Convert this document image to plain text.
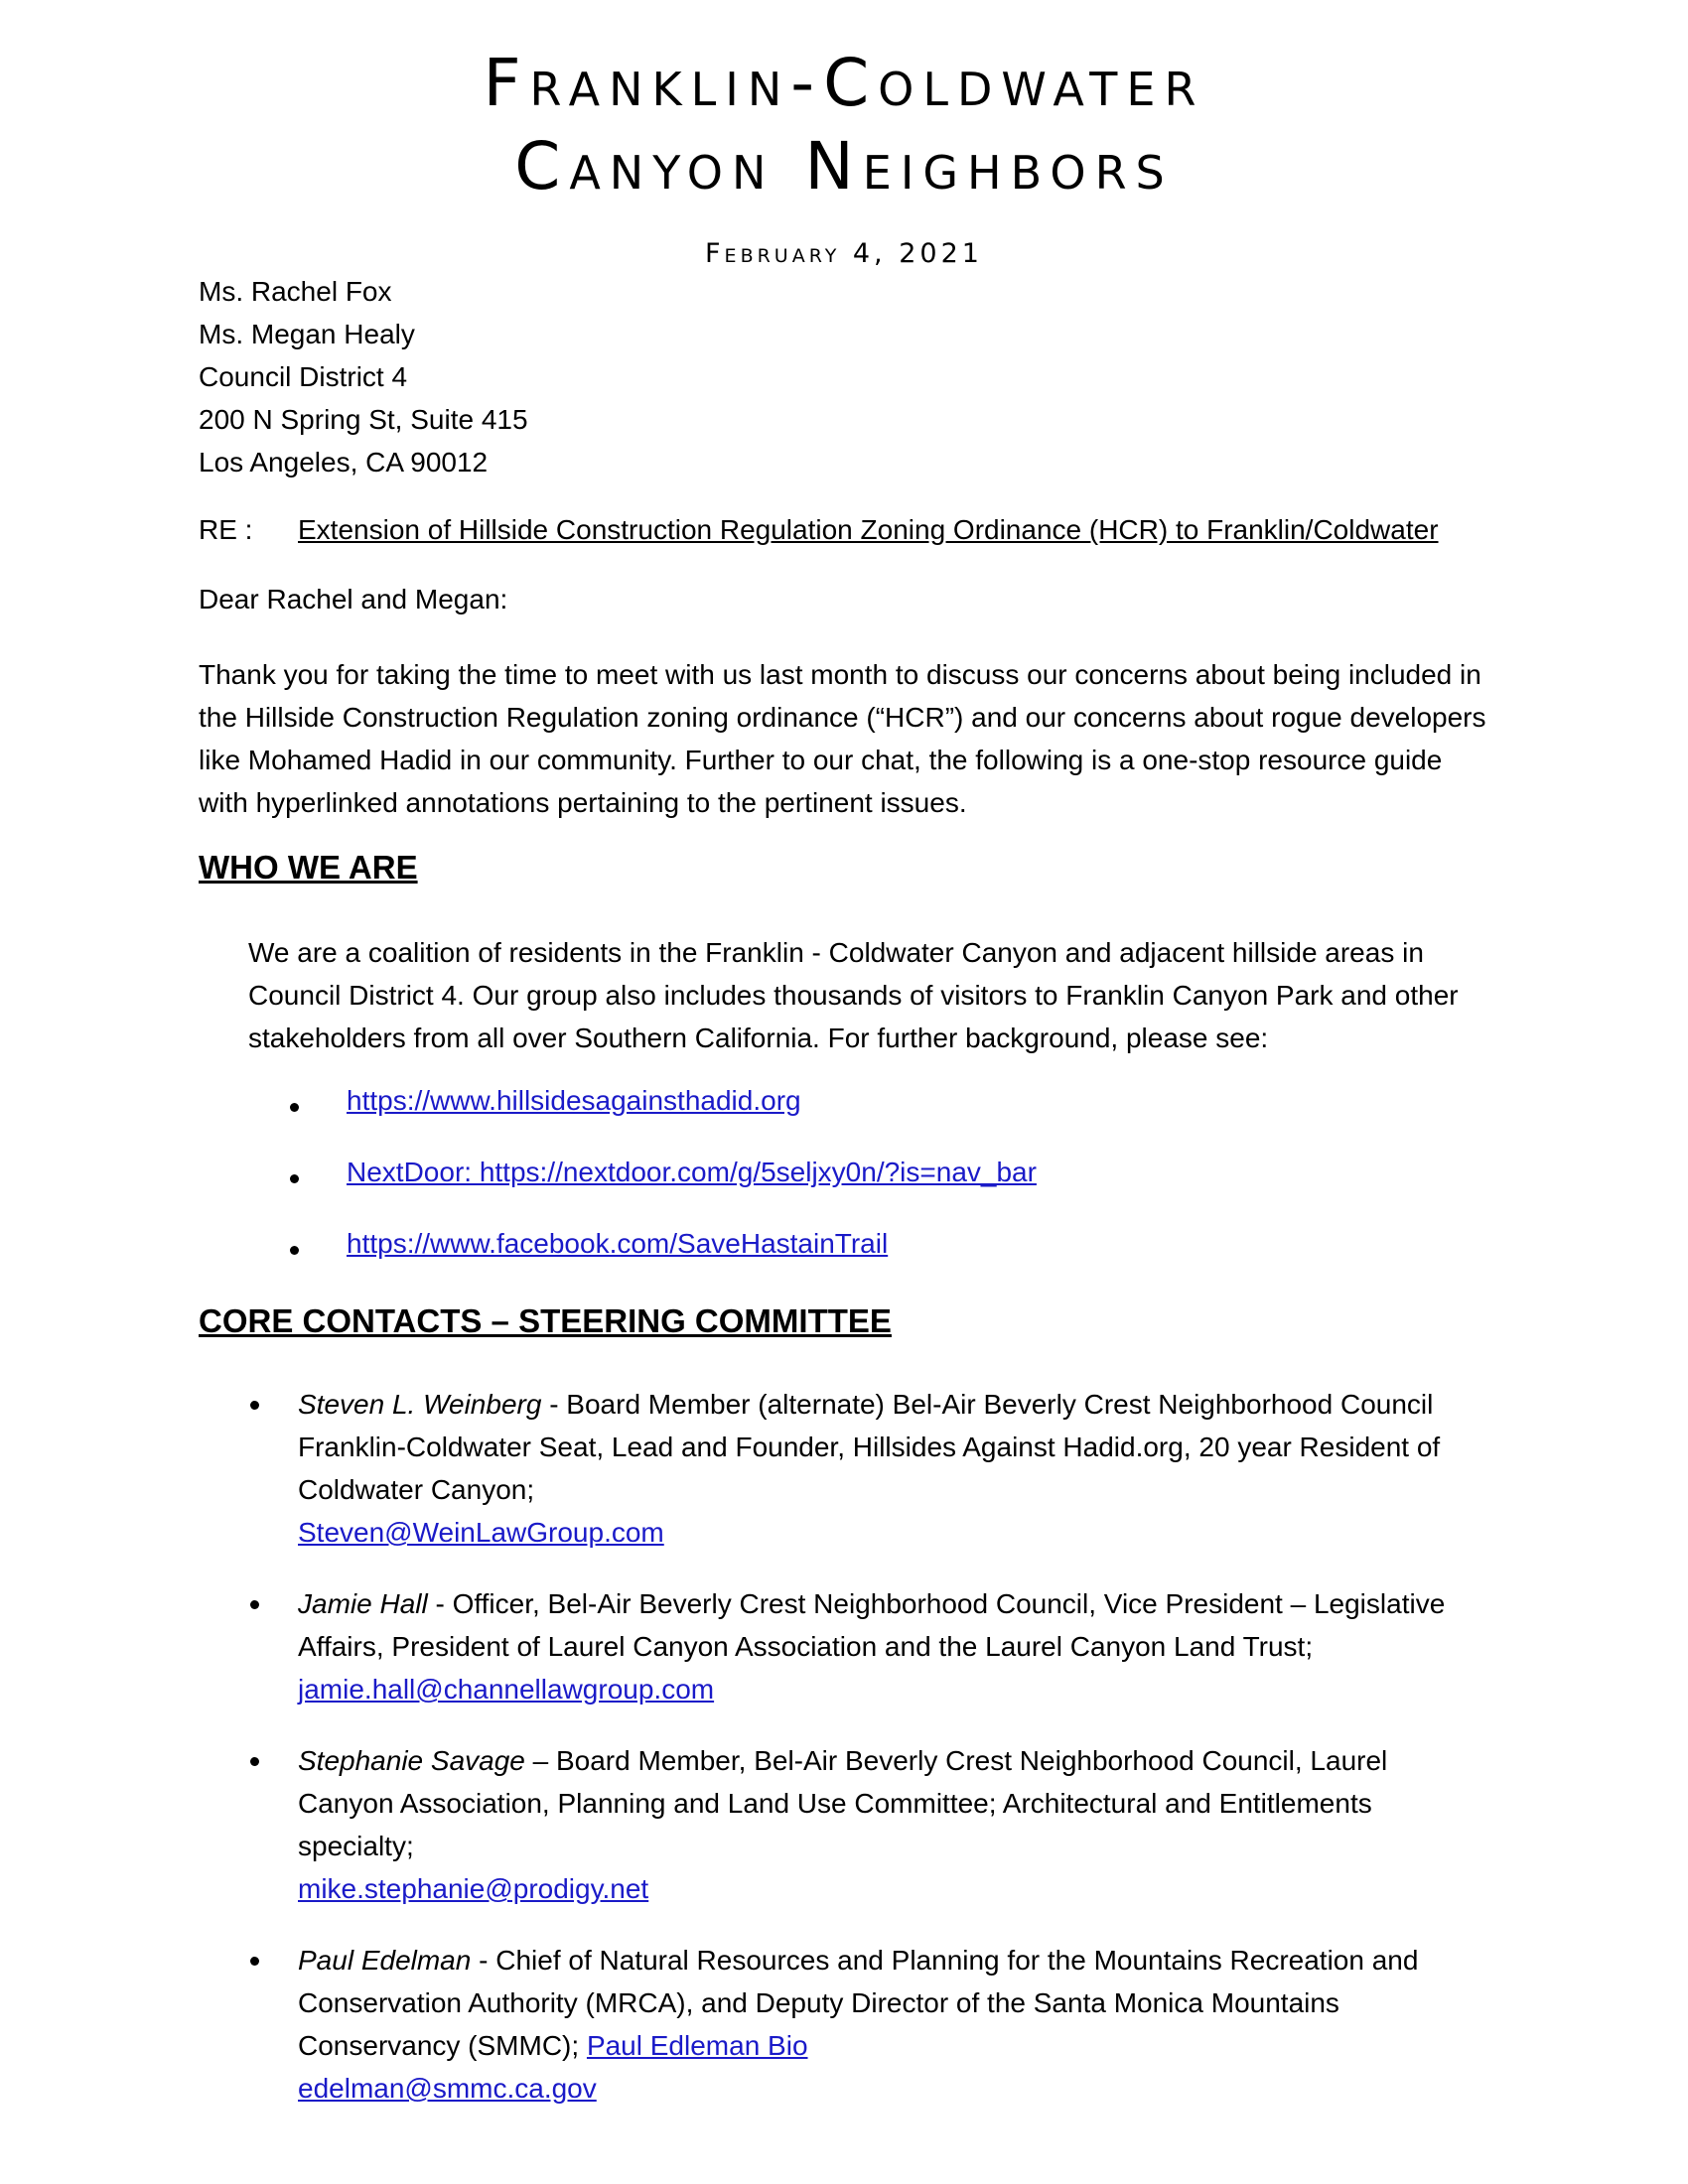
Franklin-Coldwater
Canyon Neighbors
February 4, 2021
Ms. Rachel Fox
Ms. Megan Healy
Council District 4
200 N Spring St, Suite 415
Los Angeles, CA 90012
RE : Extension of Hillside Construction Regulation Zoning Ordinance (HCR) to Franklin/Coldwater
Dear Rachel and Megan:
Thank you for taking the time to meet with us last month to discuss our concerns about being included in the Hillside Construction Regulation zoning ordinance (“HCR”) and our concerns about rogue developers like Mohamed Hadid in our community. Further to our chat, the following is a one-stop resource guide with hyperlinked annotations pertaining to the pertinent issues.
WHO WE ARE
We are a coalition of residents in the Franklin - Coldwater Canyon and adjacent hillside areas in Council District 4. Our group also includes thousands of visitors to Franklin Canyon Park and other stakeholders from all over Southern California. For further background, please see:
https://www.hillsidesagainsthadid.org
NextDoor: https://nextdoor.com/g/5seljxy0n/?is=nav_bar
https://www.facebook.com/SaveHastainTrail
CORE CONTACTS – STEERING COMMITTEE
Steven L. Weinberg - Board Member (alternate) Bel-Air Beverly Crest Neighborhood Council Franklin-Coldwater Seat, Lead and Founder, Hillsides Against Hadid.org, 20 year Resident of Coldwater Canyon;
Steven@WeinLawGroup.com
Jamie Hall - Officer, Bel-Air Beverly Crest Neighborhood Council, Vice President – Legislative Affairs, President of Laurel Canyon Association and the Laurel Canyon Land Trust;
jamie.hall@channellawgroup.com
Stephanie Savage – Board Member, Bel-Air Beverly Crest Neighborhood Council, Laurel Canyon Association, Planning and Land Use Committee; Architectural and Entitlements specialty;
mike.stephanie@prodigy.net
Paul Edelman - Chief of Natural Resources and Planning for the Mountains Recreation and Conservation Authority (MRCA), and Deputy Director of the Santa Monica Mountains Conservancy (SMMC); Paul Edleman Bio
edelman@smmc.ca.gov
